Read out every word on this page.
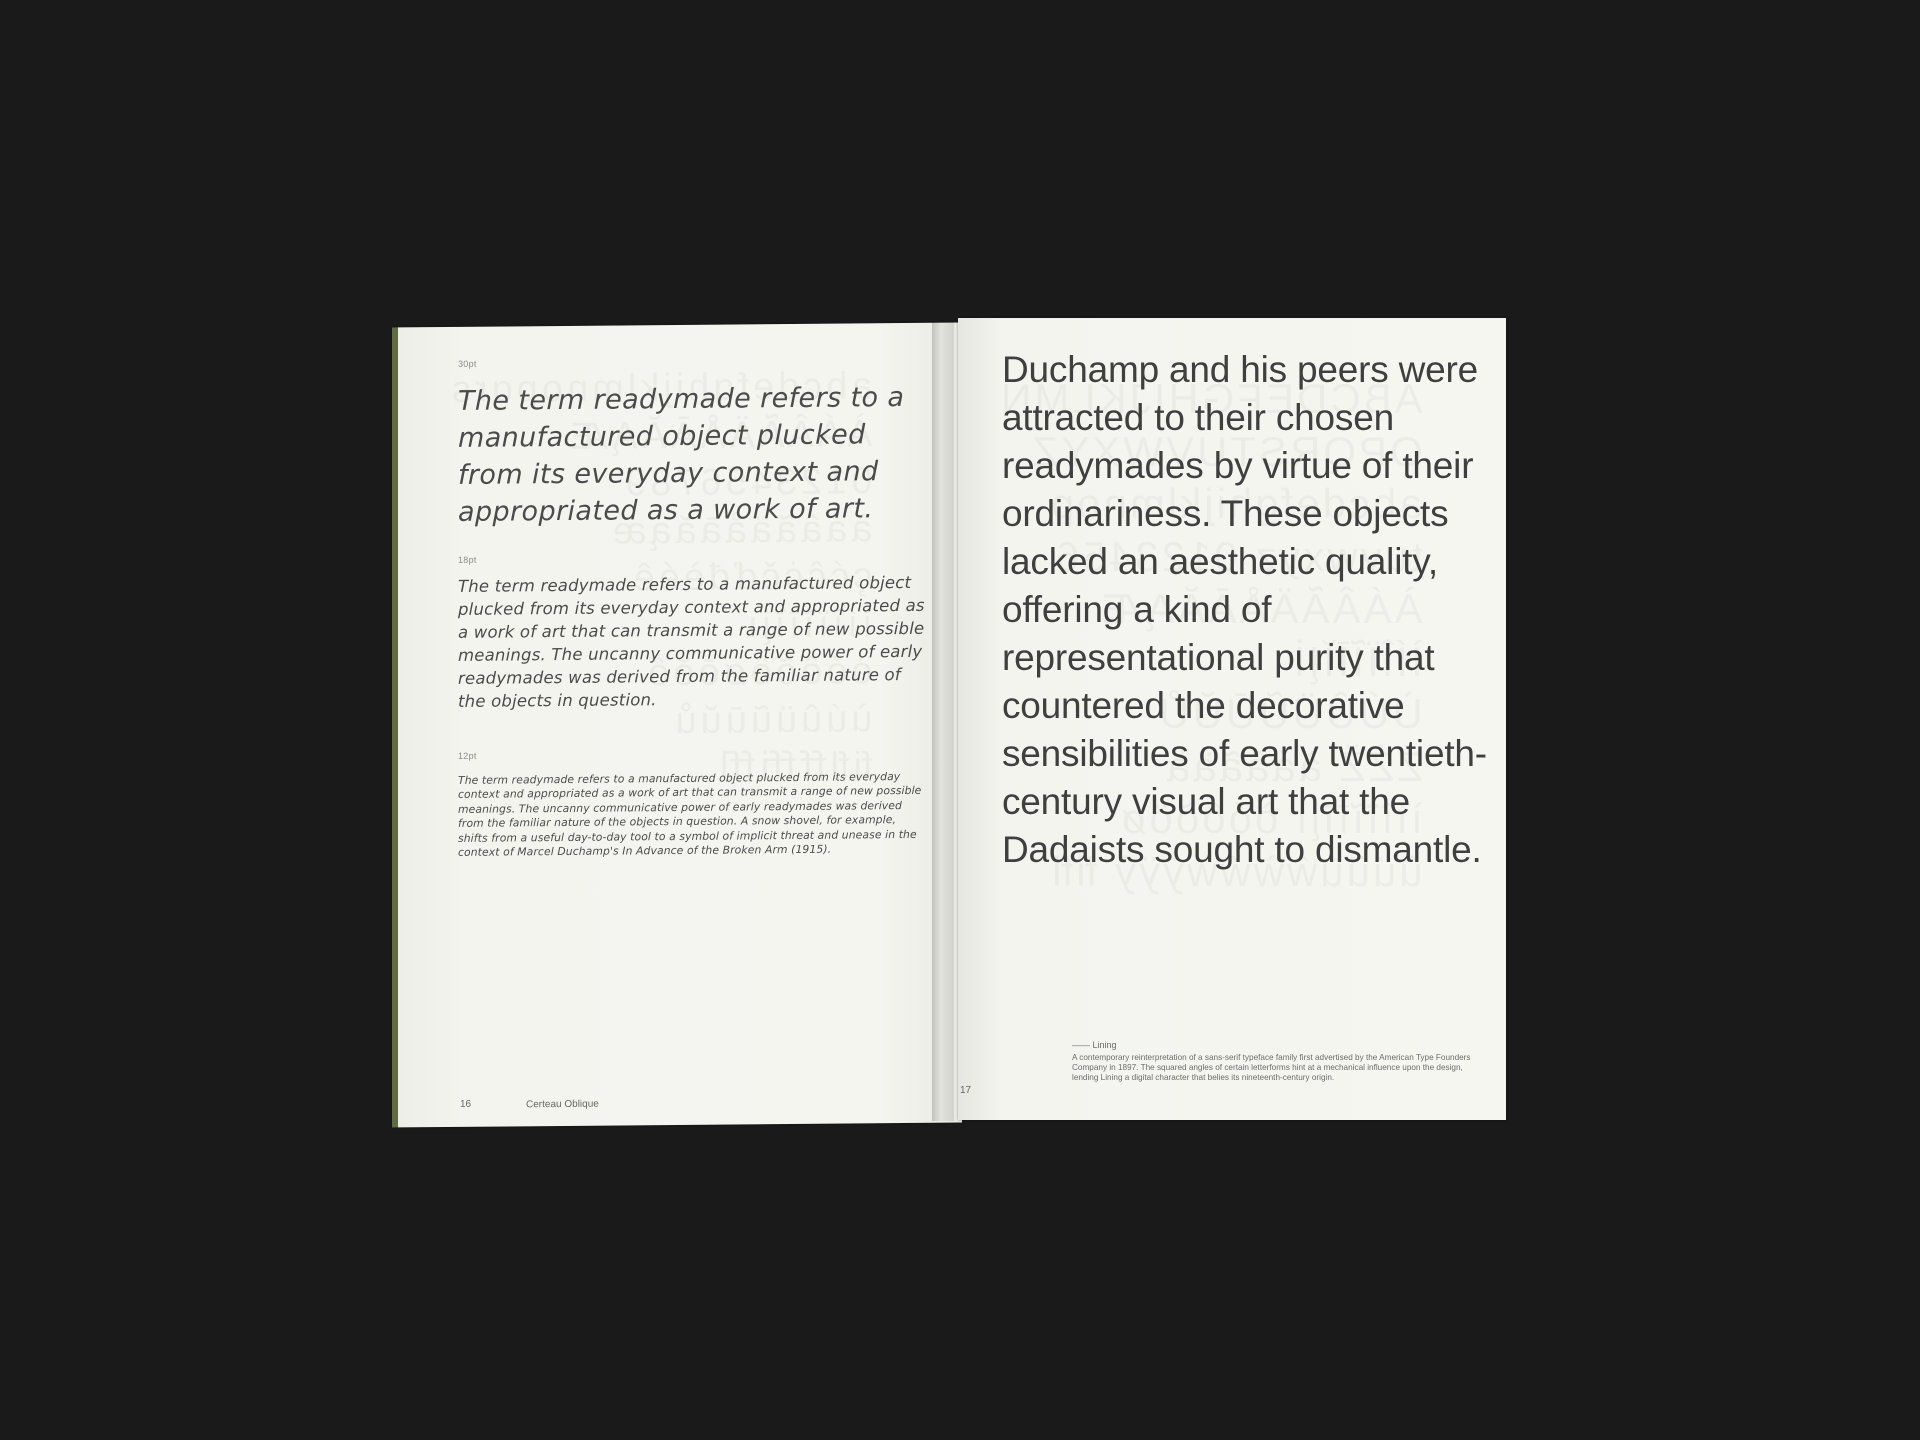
30pt

The term readymade refers to a manufactured object plucked from its everyday context and appropriated as a work of art.

18pt

The term readymade refers to a manufactured object plucked from its everyday context and appropriated as a work of art that can transmit a range of new possible meanings. The uncanny communicative power of early readymades was derived from the familiar nature of the objects in question.

12pt

The term readymade refers to a manufactured object plucked from its everyday context and appropriated as a work of art that can transmit a range of new possible meanings. The uncanny communicative power of early readymades was derived from the familiar nature of the objects in question. A snow shovel, for example, shifts from a useful day-to-day tool to a symbol of implicit threat and unease in the context of Marcel Duchamp's In Advance of the Broken Arm (1915).

16	Certeau Oblique
17

Duchamp and his peers were attracted to their chosen readymades by virtue of their ordinariness. These objects lacked an aesthetic quality, offering a kind of representational purity that countered the decorative sensibilities of early twentieth-century visual art that the Dadaists sought to dismantle.

—— Lining
A contemporary reinterpretation of a sans-serif typeface family first advertised by the American Type Founders Company in 1897. The squared angles of certain letterforms hint at a mechanical influence upon the design, lending Lining a digital character that belies its nineteenth-century origin.
